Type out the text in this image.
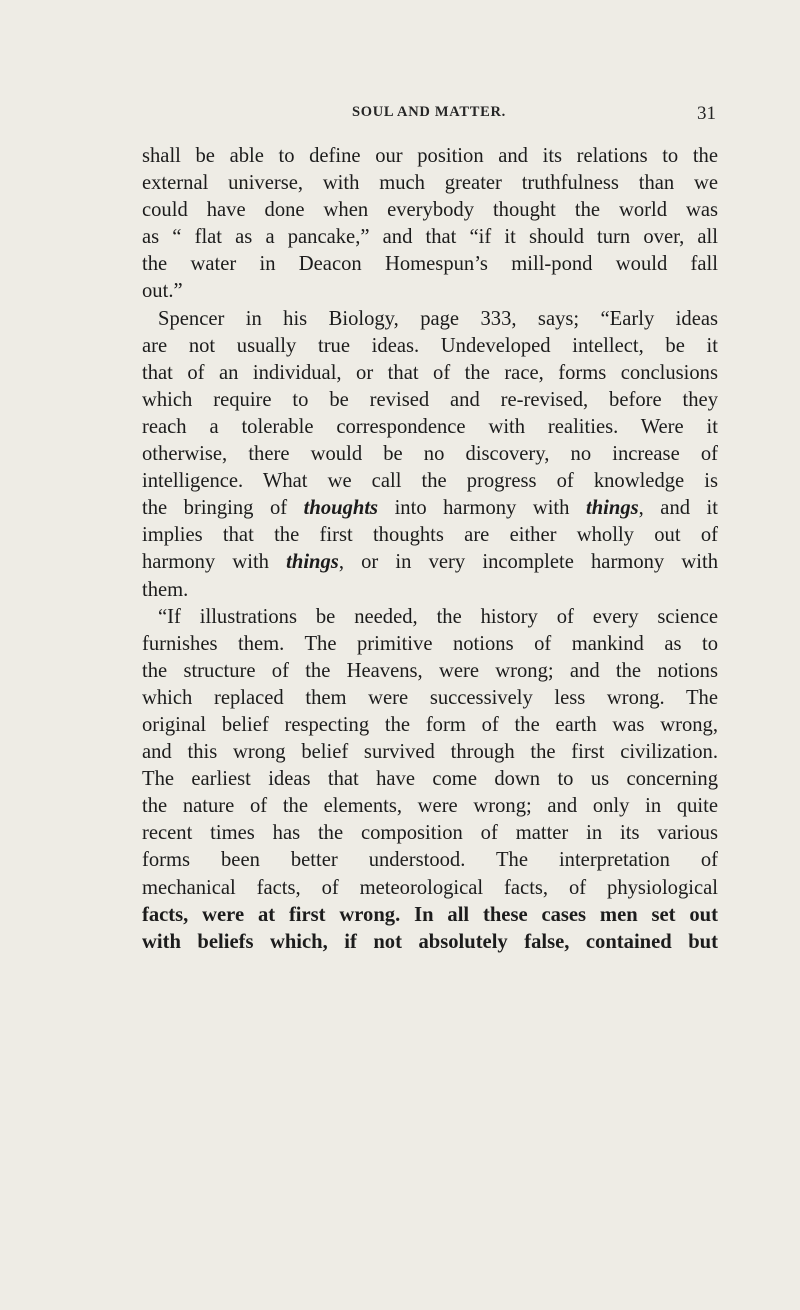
SOUL AND MATTER.	31
shall be able to define our position and its relations to the
external universe, with much greater truthfulness than we
could have done when everybody thought the world was
as “ flat as a pancake,” and that “if it should turn over, all
the water in Deacon Homespun’s mill-pond would fall
out.”
Spencer in his Biology, page 333, says; “Early ideas
are not usually true ideas. Undeveloped intellect, be it
that of an individual, or that of the race, forms conclusions
which require to be revised and re-revised, before they
reach a tolerable correspondence with realities. Were it
otherwise, there would be no discovery, no increase of
intelligence. What we call the progress of knowledge is
the bringing of thoughts into harmony with things, and it
implies that the first thoughts are either wholly out of
harmony with things, or in very incomplete harmony with
them.
“If illustrations be needed, the history of every science
furnishes them. The primitive notions of mankind as to
the structure of the Heavens, were wrong; and the notions
which replaced them were successively less wrong. The
original belief respecting the form of the earth was wrong,
and this wrong belief survived through the first civilization.
The earliest ideas that have come down to us concerning
the nature of the elements, were wrong; and only in quite
recent times has the composition of matter in its various
forms been better understood. The interpretation of
mechanical facts, of meteorological facts, of physiological
facts, were at first wrong. In all these cases men set out
with beliefs which, if not absolutely false, contained but
